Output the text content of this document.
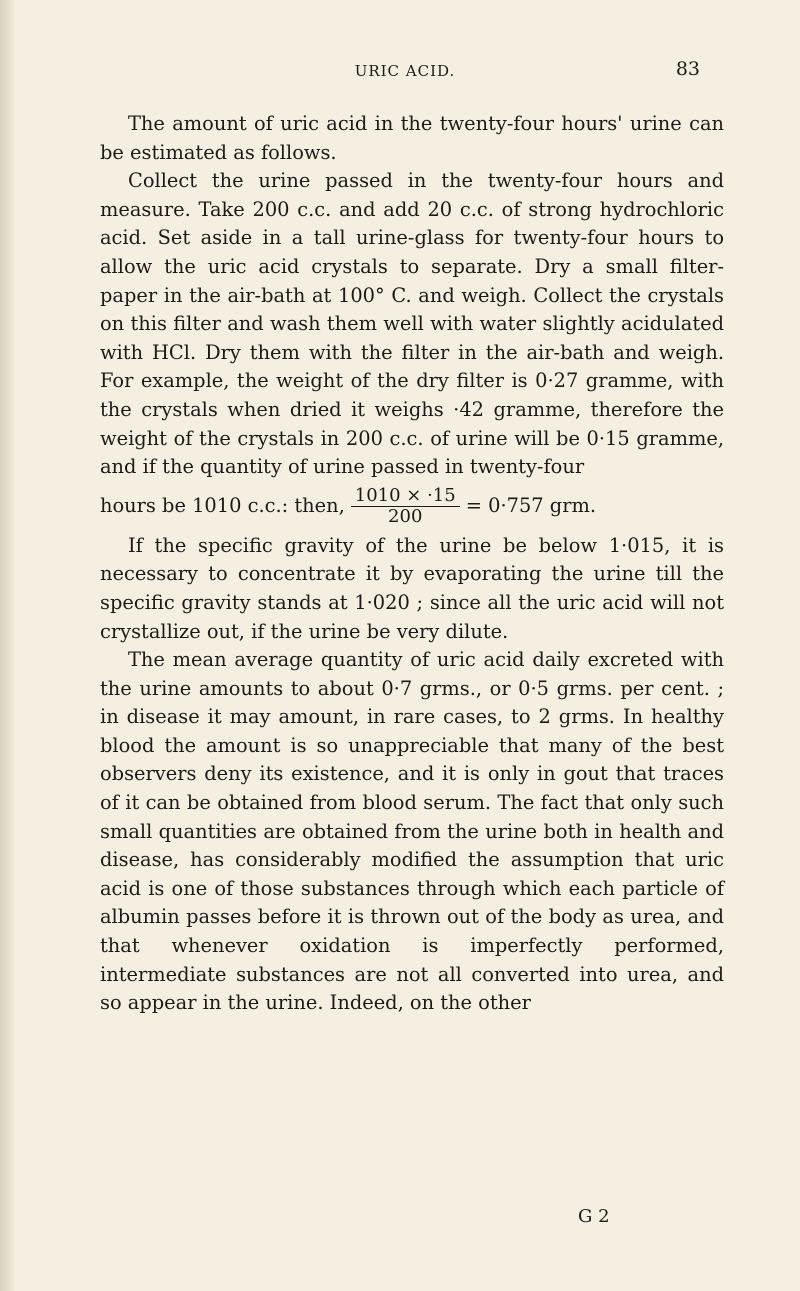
URIC ACID.	83

The amount of uric acid in the twenty-four hours' urine can be estimated as follows.

Collect the urine passed in the twenty-four hours and measure. Take 200 c.c. and add 20 c.c. of strong hydrochloric acid. Set aside in a tall urine-glass for twenty-four hours to allow the uric acid crystals to separate. Dry a small filter-paper in the air-bath at 100° C. and weigh. Collect the crystals on this filter and wash them well with water slightly acidulated with HCl. Dry them with the filter in the air-bath and weigh. For example, the weight of the dry filter is 0·27 gramme, with the crystals when dried it weighs ·42 gramme, therefore the weight of the crystals in 200 c.c. of urine will be 0·15 gramme, and if the quantity of urine passed in twenty-four

hours be 1010 c.c.: then, $\frac{1010 \times \cdot 15}{200} = 0\cdot 757$ grm.

If the specific gravity of the urine be below 1·015, it is necessary to concentrate it by evaporating the urine till the specific gravity stands at 1·020 ; since all the uric acid will not crystallize out, if the urine be very dilute.

The mean average quantity of uric acid daily excreted with the urine amounts to about 0·7 grms., or 0·5 grms. per cent. ; in disease it may amount, in rare cases, to 2 grms. In healthy blood the amount is so unappreciable that many of the best observers deny its existence, and it is only in gout that traces of it can be obtained from blood serum. The fact that only such small quantities are obtained from the urine both in health and disease, has considerably modified the assumption that uric acid is one of those substances through which each particle of albumin passes before it is thrown out of the body as urea, and that whenever oxidation is imperfectly performed, intermediate substances are not all converted into urea, and so appear in the urine. Indeed, on the other

G 2
